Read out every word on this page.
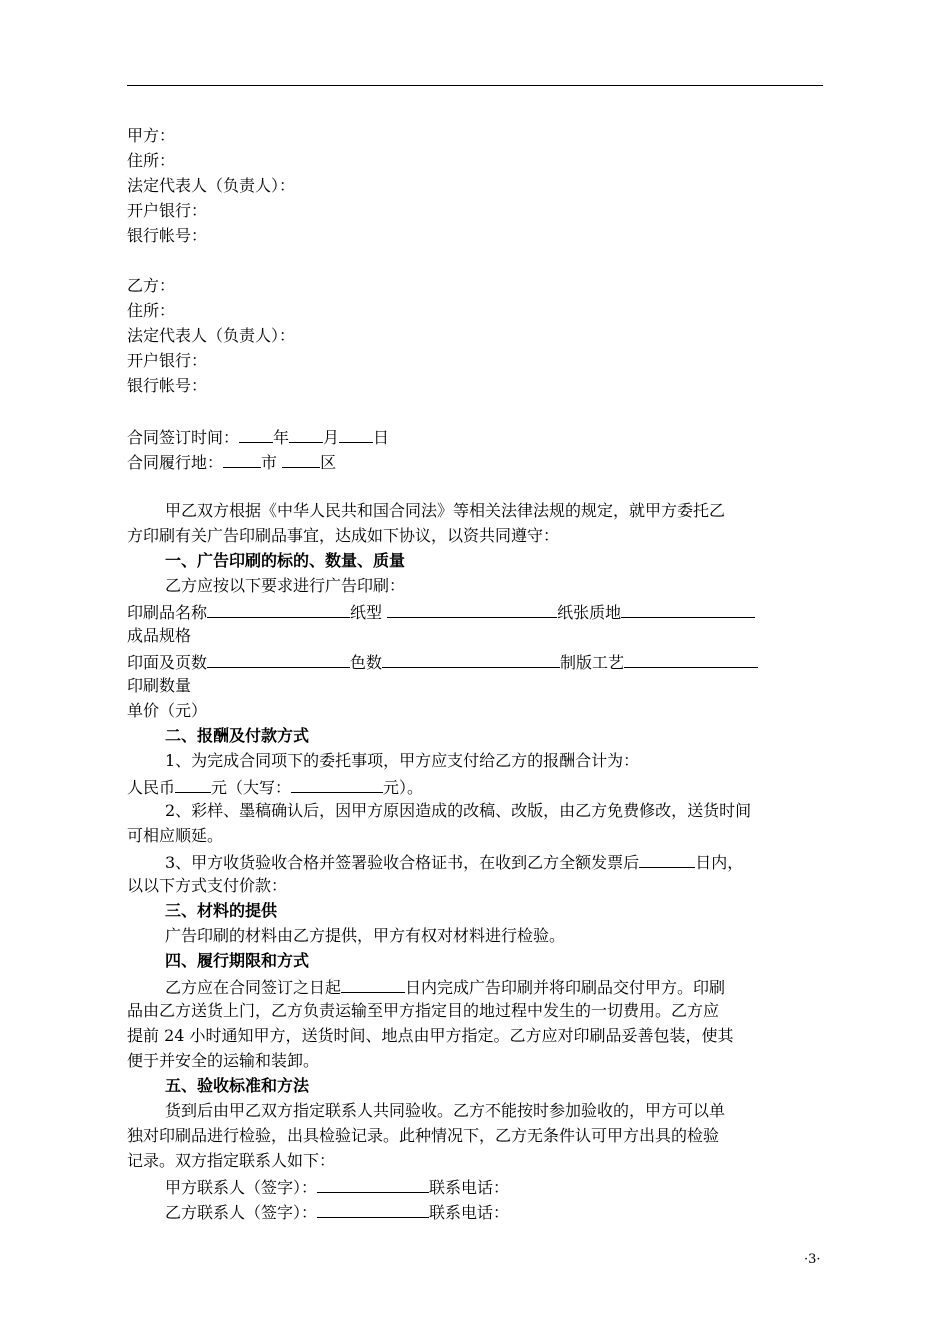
甲方：
住所：
法定代表人（负责人）：
开户银行：
银行帐号：
乙方：
住所：
法定代表人（负责人）：
开户银行：
银行帐号：
合同签订时间： 年 月 日
合同履行地： 市	区
甲乙双方根据《中华人民共和国合同法》等相关法律法规的规定，就甲方委托乙
方印刷有关广告印刷品事宜，达成如下协议，以资共同遵守：
一、广告印刷的标的、数量、质量
乙方应按以下要求进行广告印刷：
印刷品名称	纸型	纸张质地
成品规格
印面及页数	色数	制版工艺
印刷数量
单价（元）
二、报酬及付款方式
1、为完成合同项下的委托事项，甲方应支付给乙方的报酬合计为：
人民币 元（大写：	元）。
2、彩样、墨稿确认后，因甲方原因造成的改稿、改版，由乙方免费修改，送货时间
可相应顺延。
3、甲方收货验收合格并签署验收合格证书，在收到乙方全额发票后	日内，
以以下方式支付价款：
三、材料的提供
广告印刷的材料由乙方提供，甲方有权对材料进行检验。
四、履行期限和方式
乙方应在合同签订之日起	日内完成广告印刷并将印刷品交付甲方。印刷
品由乙方送货上门，乙方负责运输至甲方指定目的地过程中发生的一切费用。乙方应
提前 24 小时通知甲方，送货时间、地点由甲方指定。乙方应对印刷品妥善包装，使其
便于并安全的运输和装卸。
五、验收标准和方法
货到后由甲乙双方指定联系人共同验收。乙方不能按时参加验收的，甲方可以单
独对印刷品进行检验，出具检验记录。此种情况下，乙方无条件认可甲方出具的检验
记录。双方指定联系人如下：
甲方联系人（签字）：	联系电话：
乙方联系人（签字）：	联系电话：
·3·
